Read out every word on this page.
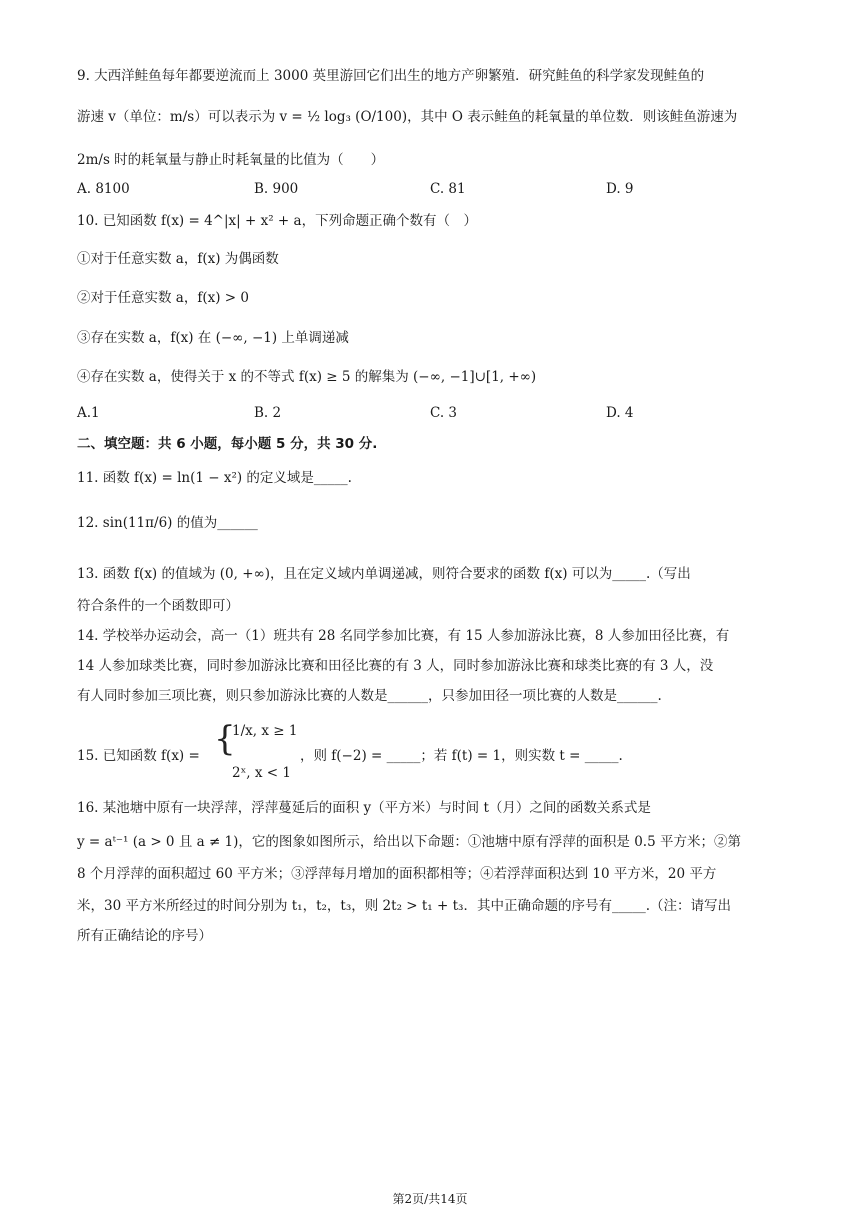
9. 大西洋鲑鱼每年都要逆流而上 3000 英里游回它们出生的地方产卵繁殖．研究鲑鱼的科学家发现鲑鱼的
游速 v（单位：m/s）可以表示为 v = ½ log₃ (O/100)，其中 O 表示鲑鱼的耗氧量的单位数．则该鲑鱼游速为
2m/s 时的耗氧量与静止时耗氧量的比值为（　　）
A. 8100	B. 900	C. 81	D. 9
10. 已知函数 f(x) = 4^|x| + x² + a，下列命题正确个数有（　）
①对于任意实数 a，f(x) 为偶函数
②对于任意实数 a，f(x) > 0
③存在实数 a，f(x) 在 (−∞, −1) 上单调递减
④存在实数 a，使得关于 x 的不等式 f(x) ≥ 5 的解集为 (−∞, −1]∪[1, +∞)
A.1	B. 2	C. 3	D. 4
二、填空题：共 6 小题，每小题 5 分，共 30 分.
11. 函数 f(x) = ln(1 − x²) 的定义域是_____.
12. sin(11π/6) 的值为______
13. 函数 f(x) 的值域为 (0, +∞)，且在定义域内单调递减，则符合要求的函数 f(x) 可以为_____.（写出
符合条件的一个函数即可）
14. 学校举办运动会，高一（1）班共有 28 名同学参加比赛，有 15 人参加游泳比赛，8 人参加田径比赛，有
14 人参加球类比赛，同时参加游泳比赛和田径比赛的有 3 人，同时参加游泳比赛和球类比赛的有 3 人，没
有人同时参加三项比赛，则只参加游泳比赛的人数是______，只参加田径一项比赛的人数是______.
15. 已知函数 f(x) = {
1/x, x ≥ 1
2ˣ, x < 1
，则 f(−2) = _____；若 f(t) = 1，则实数 t = _____.
16. 某池塘中原有一块浮萍，浮萍蔓延后的面积 y（平方米）与时间 t（月）之间的函数关系式是
y = aᵗ⁻¹ (a > 0 且 a ≠ 1)，它的图象如图所示，给出以下命题：①池塘中原有浮萍的面积是 0.5 平方米；②第
8 个月浮萍的面积超过 60 平方米；③浮萍每月增加的面积都相等；④若浮萍面积达到 10 平方米，20 平方
米，30 平方米所经过的时间分别为 t₁，t₂，t₃，则 2t₂ > t₁ + t₃．其中正确命题的序号有_____.（注：请写出
所有正确结论的序号）
第2页/共14页
